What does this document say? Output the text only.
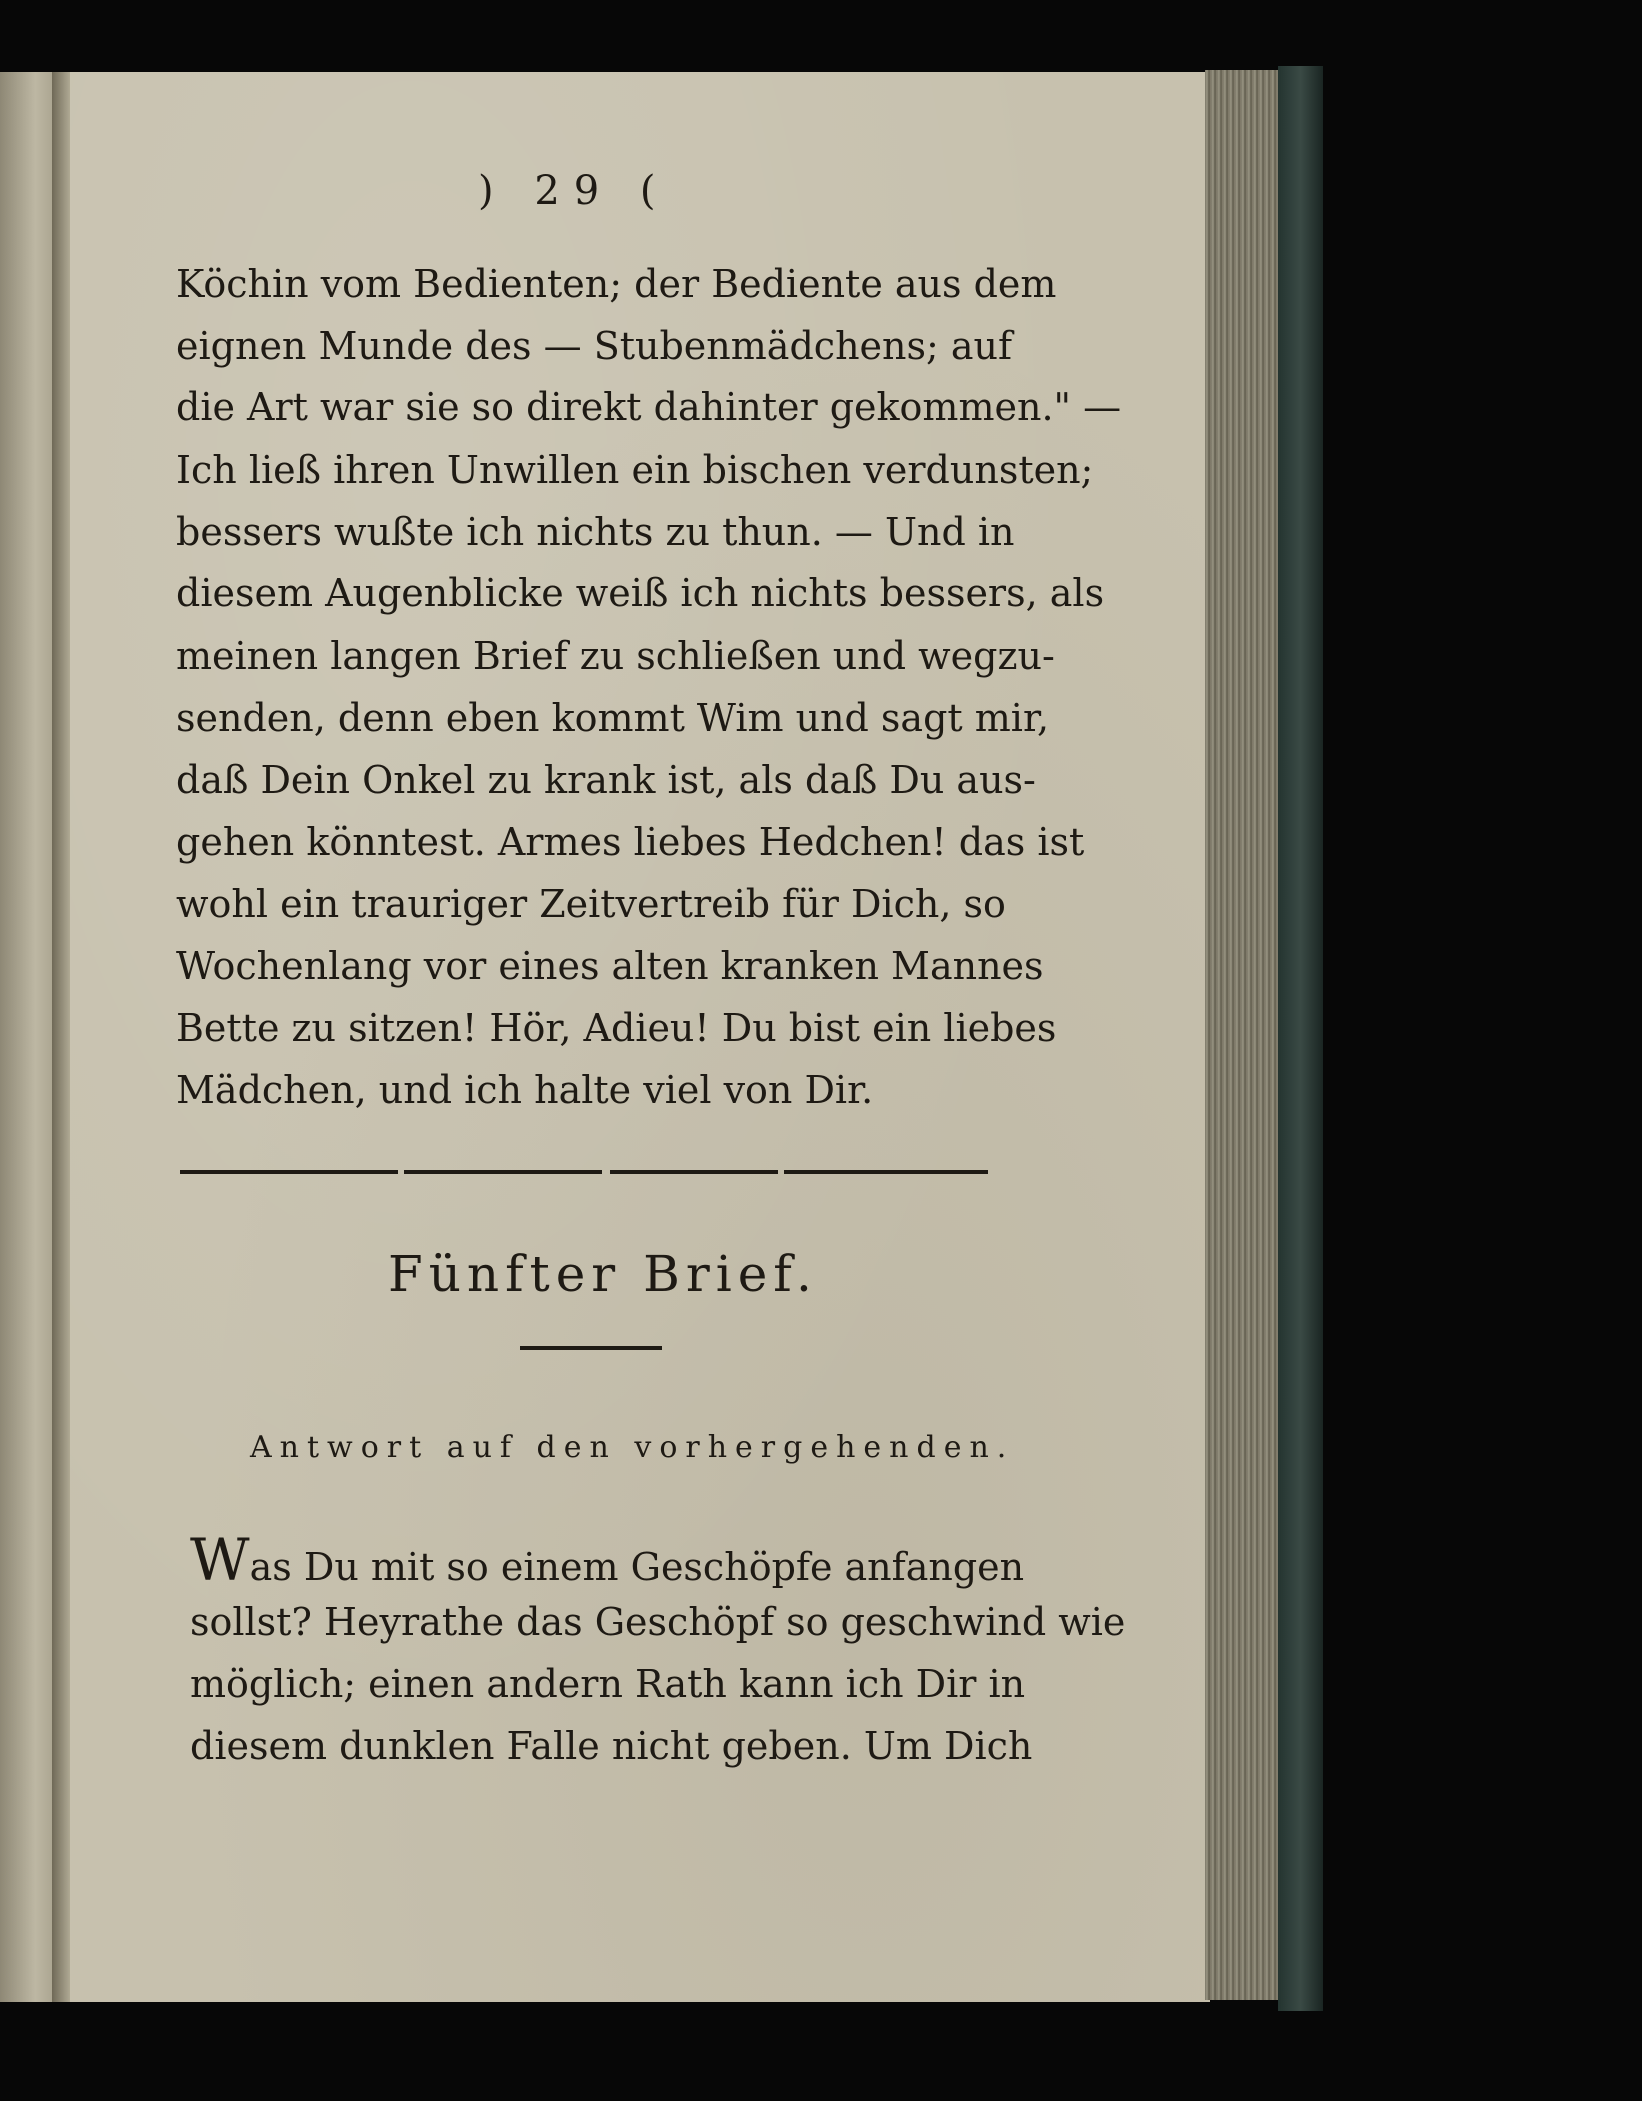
) 29 (
Köchin vom Bedienten; der Bediente aus dem
eignen Munde des — Stubenmädchens; auf
die Art war sie so direkt dahinter gekommen." —
Ich ließ ihren Unwillen ein bischen verdunsten;
bessers wußte ich nichts zu thun. — Und in
diesem Augenblicke weiß ich nichts bessers, als
meinen langen Brief zu schließen und wegzu-
senden, denn eben kommt Wim und sagt mir,
daß Dein Onkel zu krank ist, als daß Du aus-
gehen könntest. Armes liebes Hedchen! das ist
wohl ein trauriger Zeitvertreib für Dich, so
Wochenlang vor eines alten kranken Mannes
Bette zu sitzen! Hör, Adieu! Du bist ein liebes
Mädchen, und ich halte viel von Dir.
Fünfter Brief.
Antwort auf den vorhergehenden.
Was Du mit so einem Geschöpfe anfangen
sollst? Heyrathe das Geschöpf so geschwind wie
möglich; einen andern Rath kann ich Dir in
diesem dunklen Falle nicht geben. Um Dich
